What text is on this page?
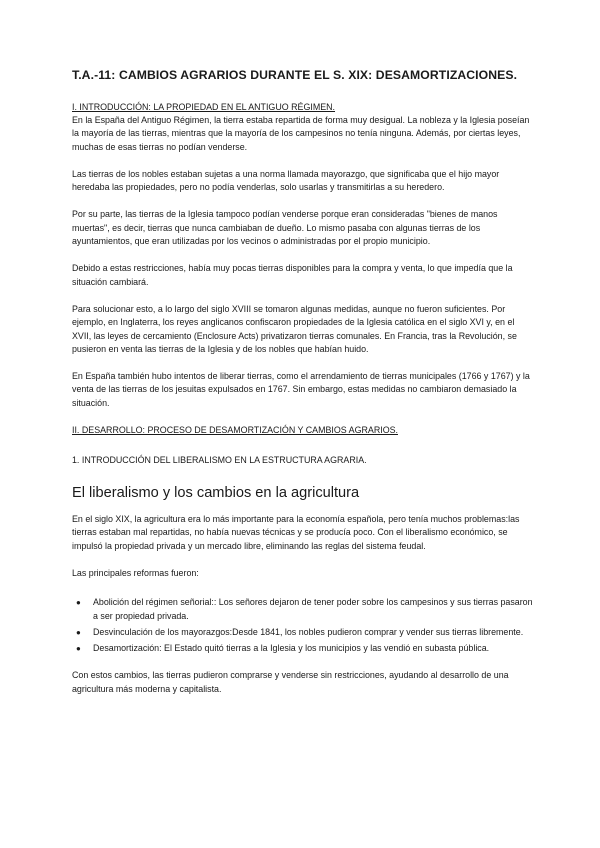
T.A.-11: CAMBIOS AGRARIOS DURANTE EL S. XIX: DESAMORTIZACIONES.
I. INTRODUCCIÓN: LA PROPIEDAD EN EL ANTIGUO RÉGIMEN.

En la España del Antiguo Régimen, la tierra estaba repartida de forma muy desigual. La nobleza y la Iglesia poseían la mayoría de las tierras, mientras que la mayoría de los campesinos no tenía ninguna. Además, por ciertas leyes, muchas de esas tierras no podían venderse.

Las tierras de los nobles estaban sujetas a una norma llamada mayorazgo, que significaba que el hijo mayor heredaba las propiedades, pero no podía venderlas, solo usarlas y transmitirlas a su heredero.

Por su parte, las tierras de la Iglesia tampoco podían venderse porque eran consideradas "bienes de manos muertas", es decir, tierras que nunca cambiaban de dueño. Lo mismo pasaba con algunas tierras de los ayuntamientos, que eran utilizadas por los vecinos o administradas por el propio municipio.

Debido a estas restricciones, había muy pocas tierras disponibles para la compra y venta, lo que impedía que la situación cambiará.

Para solucionar esto, a lo largo del siglo XVIII se tomaron algunas medidas, aunque no fueron suficientes. Por ejemplo, en Inglaterra, los reyes anglicanos confiscaron propiedades de la Iglesia católica en el siglo XVI y, en el XVII, las leyes de cercamiento (Enclosure Acts) privatizaron tierras comunales. En Francia, tras la Revolución, se pusieron en venta las tierras de la Iglesia y de los nobles que habían huido.

En España también hubo intentos de liberar tierras, como el arrendamiento de tierras municipales (1766 y 1767) y la venta de las tierras de los jesuitas expulsados en 1767. Sin embargo, estas medidas no cambiaron demasiado la situación.

II. DESARROLLO: PROCESO DE DESAMORTIZACIÓN Y CAMBIOS AGRARIOS.
1. INTRODUCCIÓN DEL LIBERALISMO EN LA ESTRUCTURA AGRARIA.
El liberalismo y los cambios en la agricultura

En el siglo XIX, la agricultura era lo más importante para la economía española, pero tenía muchos problemas:las tierras estaban mal repartidas, no había nuevas técnicas y se producía poco. Con el liberalismo económico, se impulsó la propiedad privada y un mercado libre, eliminando las reglas del sistema feudal.

Las principales reformas fueron:

● Abolición del régimen señorial:: Los señores dejaron de tener poder sobre los campesinos y sus tierras pasaron a ser propiedad privada.
● Desvinculación de los mayorazgos:Desde 1841, los nobles pudieron comprar y vender sus tierras libremente.
● Desamortización: El Estado quitó tierras a la Iglesia y los municipios y las vendió en subasta pública.

Con estos cambios, las tierras pudieron comprarse y venderse sin restricciones, ayudando al desarrollo de una agricultura más moderna y capitalista.
